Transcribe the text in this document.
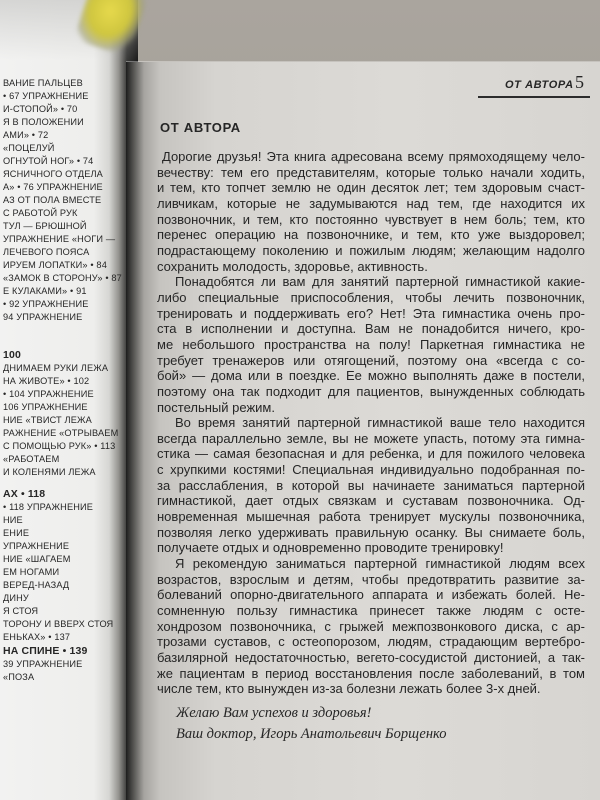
ВАНИЕ ПАЛЬЦЕВ
• 67 УПРАЖНЕНИЕ
И-СТОПОЙ» • 70
Я В ПОЛОЖЕНИИ
АМИ» • 72
«ПОЦЕЛУЙ
ОГНУТОЙ НОГ» • 74
ЯСНИЧНОГО ОТДЕЛА
А» • 76 УПРАЖНЕНИЕ
АЗ ОТ ПОЛА ВМЕСТЕ
С РАБОТОЙ РУК
ТУЛ — БРЮШНОЙ
УПРАЖНЕНИЕ «НОГИ —
ЛЕЧЕВОГО ПОЯСА
ИРУЕМ ЛОПАТКИ» • 84
«ЗАМОК В СТОРОНУ» • 87
Е КУЛАКАМИ» • 91
• 92 УПРАЖНЕНИЕ
94 УПРАЖНЕНИЕ
100
ДНИМАЕМ РУКИ ЛЕЖА
НА ЖИВОТЕ» • 102
• 104 УПРАЖНЕНИЕ
106 УПРАЖНЕНИЕ
НИЕ «ТВИСТ ЛЕЖА
РАЖНЕНИЕ «ОТРЫВАЕМ
С ПОМОЩЬЮ РУК» • 113
«РАБОТАЕМ
И КОЛЕНЯМИ ЛЕЖА
АХ • 118
• 118 УПРАЖНЕНИЕ
НИЕ
ЕНИЕ
УПРАЖНЕНИЕ
НИЕ «ШАГАЕМ
ЕМ НОГАМИ
ВЕРЕД-НАЗАД
ДИНУ
Я СТОЯ
ТОРОНУ И ВВЕРХ СТОЯ
ЕНЬКАХ» • 137
НА СПИНЕ • 139
39 УПРАЖНЕНИЕ
«ПОЗА
ОТ АВТОРА 5
ОТ АВТОРА
Дорогие друзья! Эта книга адресована всему прямоходящему чело-
вечеству: тем его представителям, которые только начали ходить,
и тем, кто топчет землю не один десяток лет; тем здоровым счаст-
ливчикам, которые не задумываются над тем, где находится их
позвоночник, и тем, кто постоянно чувствует в нем боль; тем, кто
перенес операцию на позвоночнике, и тем, кто уже выздоровел;
подрастающему поколению и пожилым людям; желающим надолго
сохранить молодость, здоровье, активность.
Понадобятся ли вам для занятий партерной гимнастикой какие-
либо специальные приспособления, чтобы лечить позвоночник,
тренировать и поддерживать его? Нет! Эта гимнастика очень про-
ста в исполнении и доступна. Вам не понадобится ничего, кро-
ме небольшого пространства на полу! Паркетная гимнастика не
требует тренажеров или отягощений, поэтому она «всегда с со-
бой» — дома или в поездке. Ее можно выполнять даже в постели,
поэтому она так подходит для пациентов, вынужденных соблюдать
постельный режим.
Во время занятий партерной гимнастикой ваше тело находится
всегда параллельно земле, вы не можете упасть, потому эта гимна-
стика — самая безопасная и для ребенка, и для пожилого человека
с хрупкими костями! Специальная индивидуально подобранная по-
за расслабления, в которой вы начинаете заниматься партерной
гимнастикой, дает отдых связкам и суставам позвоночника. Од-
новременная мышечная работа тренирует мускулы позвоночника,
позволяя легко удерживать правильную осанку. Вы снимаете боль,
получаете отдых и одновременно проводите тренировку!
Я рекомендую заниматься партерной гимнастикой людям всех
возрастов, взрослым и детям, чтобы предотвратить развитие за-
болеваний опорно-двигательного аппарата и избежать болей. Не-
сомненную пользу гимнастика принесет также людям с осте-
хондрозом позвоночника, с грыжей межпозвонкового диска, с ар-
трозами суставов, с остеопорозом, людям, страдающим вертебро-
базилярной недостаточностью, вегето-сосудистой дистонией, а так-
же пациентам в период восстановления после заболеваний, в том
числе тем, кто вынужден из-за болезни лежать более 3-х дней.
Желаю Вам успехов и здоровья!
Ваш доктор, Игорь Анатольевич Борщенко
